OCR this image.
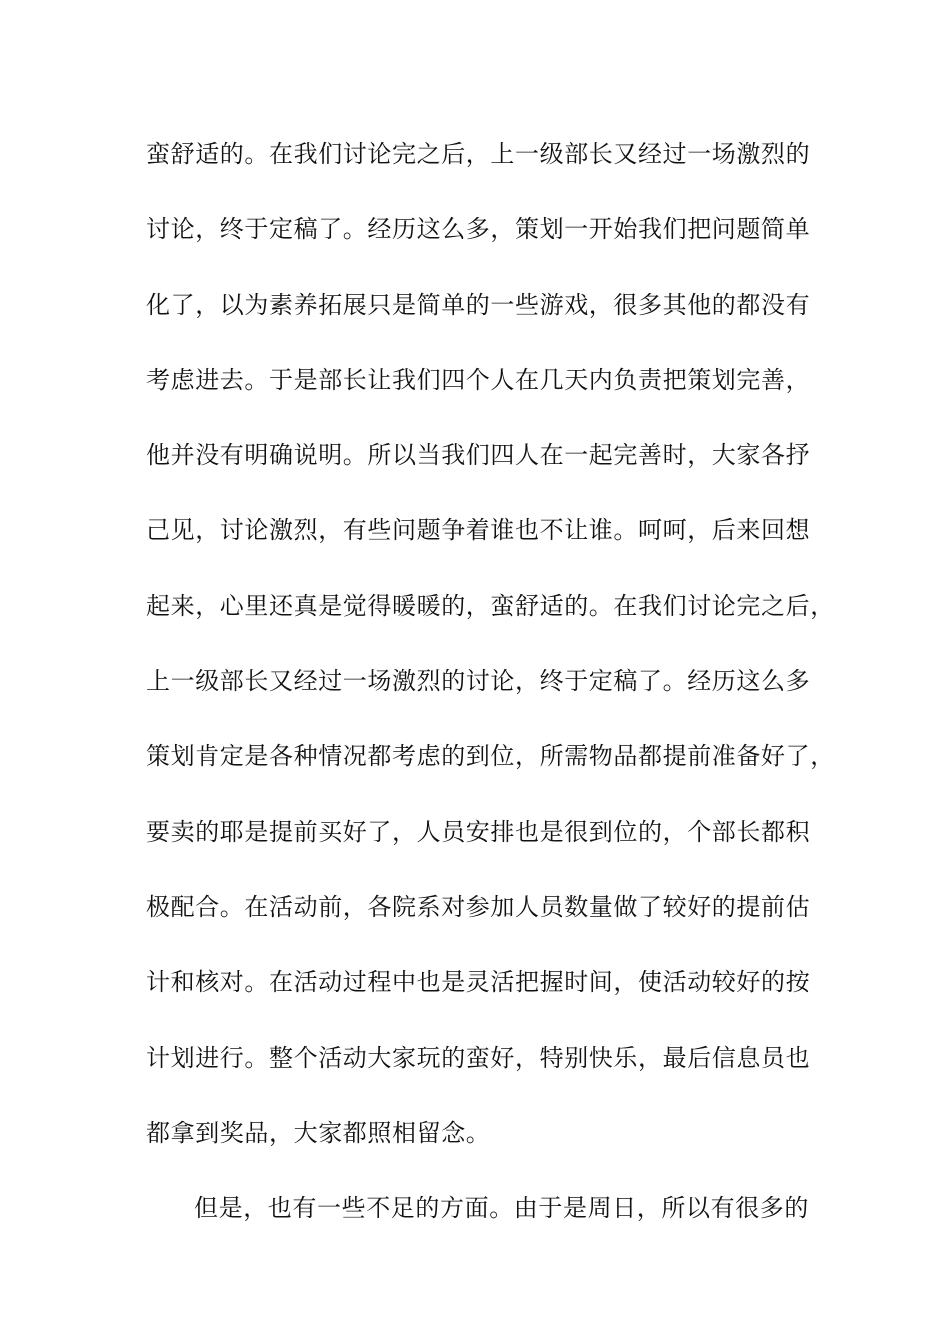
蛮舒适的。在我们讨论完之后，上一级部长又经过一场激烈的
讨论，终于定稿了。经历这么多，策划一开始我们把问题简单
化了，以为素养拓展只是简单的一些游戏，很多其他的都没有
考虑进去。于是部长让我们四个人在几天内负责把策划完善，
他并没有明确说明。所以当我们四人在一起完善时，大家各抒
己见，讨论激烈，有些问题争着谁也不让谁。呵呵，后来回想
起来，心里还真是觉得暖暖的，蛮舒适的。在我们讨论完之后，
上一级部长又经过一场激烈的讨论，终于定稿了。经历这么多
策划肯定是各种情况都考虑的到位，所需物品都提前准备好了，
要卖的耶是提前买好了，人员安排也是很到位的，个部长都积
极配合。在活动前，各院系对参加人员数量做了较好的提前估
计和核对。在活动过程中也是灵活把握时间，使活动较好的按
计划进行。整个活动大家玩的蛮好，特别快乐，最后信息员也
都拿到奖品，大家都照相留念。
但是，也有一些不足的方面。由于是周日，所以有很多的
